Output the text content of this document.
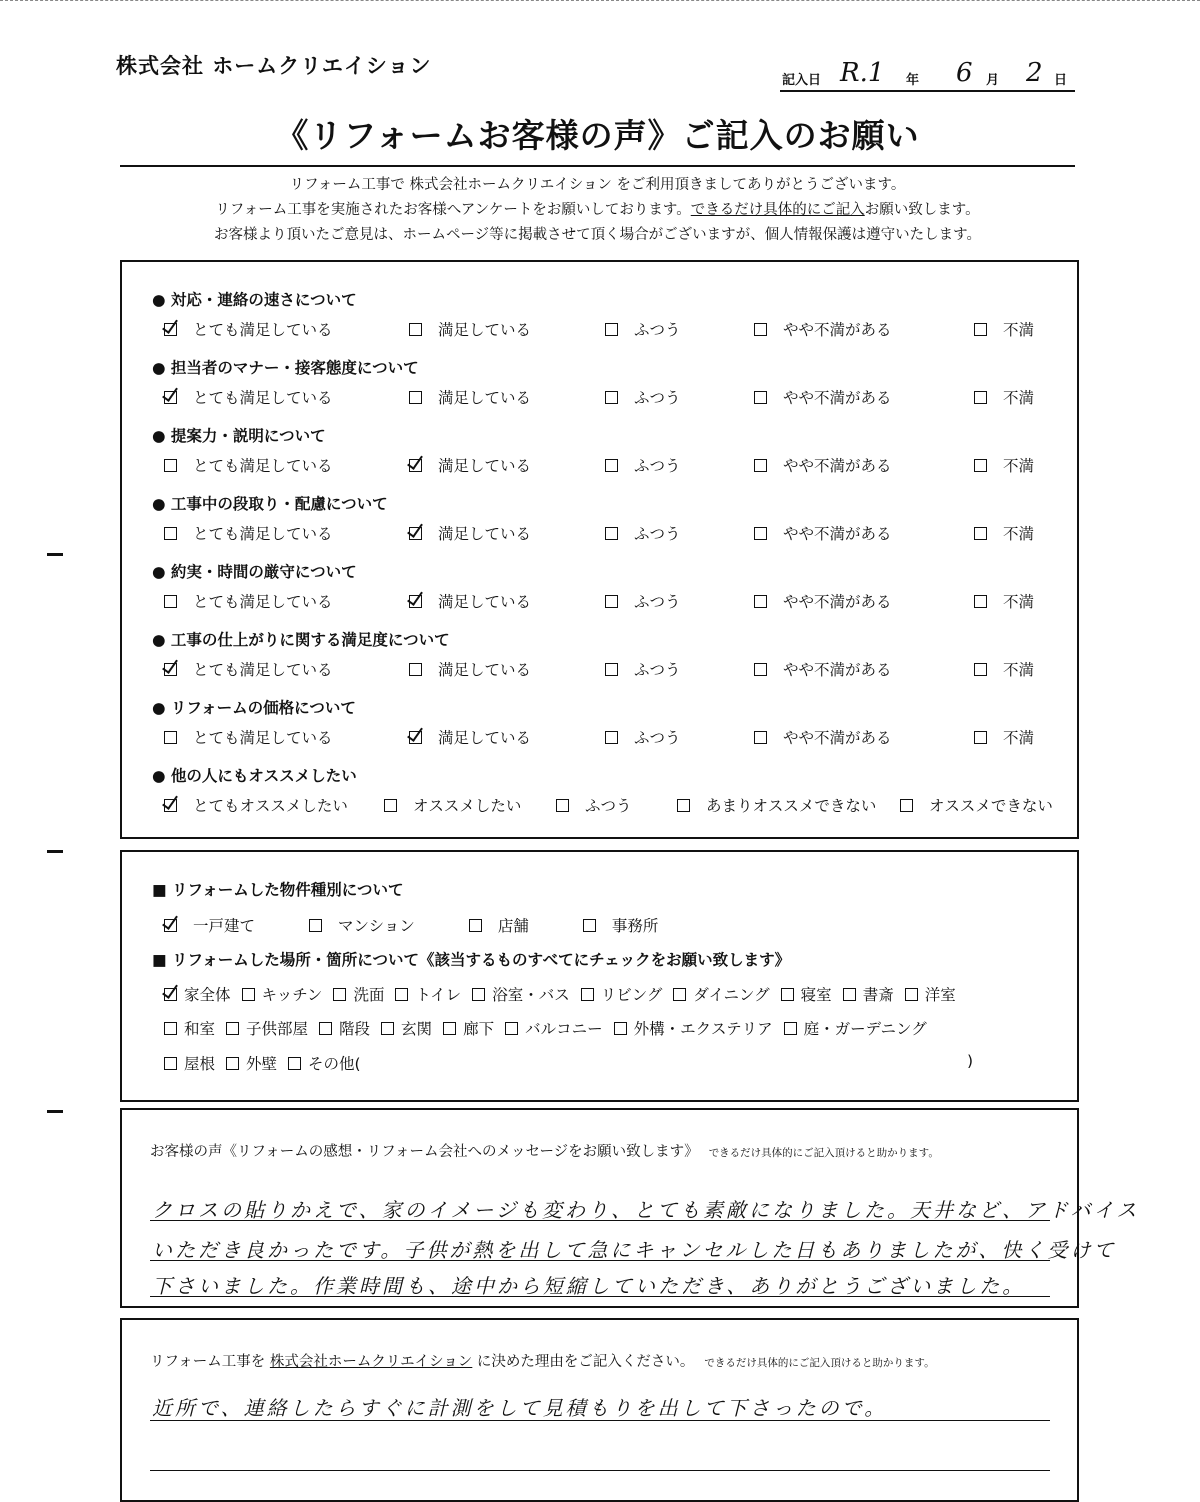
株式会社 ホームクリエイション
記入日 R.1 年 6 月 2 日
《リフォームお客様の声》ご記入のお願い
リフォーム工事で 株式会社ホームクリエイション をご利用頂きましてありがとうございます。
リフォーム工事を実施されたお客様へアンケートをお願いしております。できるだけ具体的にご記入お願い致します。
お客様より頂いたご意見は、ホームページ等に掲載させて頂く場合がございますが、個人情報保護は遵守いたします。
● 対応・連絡の速さについて
とても満足している	満足している	ふつう	やや不満がある	不満
● 担当者のマナー・接客態度について
とても満足している	満足している	ふつう	やや不満がある	不満
● 提案力・説明について
とても満足している	満足している	ふつう	やや不満がある	不満
● 工事中の段取り・配慮について
とても満足している	満足している	ふつう	やや不満がある	不満
● 約実・時間の厳守について
とても満足している	満足している	ふつう	やや不満がある	不満
● 工事の仕上がりに関する満足度について
とても満足している	満足している	ふつう	やや不満がある	不満
● リフォームの価格について
とても満足している	満足している	ふつう	やや不満がある	不満
● 他の人にもオススメしたい
とてもオススメしたい	オススメしたい	ふつう	あまりオススメできない	オススメできない
■ リフォームした物件種別について
一戸建て	マンション	店舗	事務所
■ リフォームした場所・箇所について《該当するものすべてにチェックをお願い致します》
家全体 キッチン 洗面 トイレ 浴室・バス リビング ダイニング 寝室 書斎 洋室
和室 子供部屋 階段 玄関 廊下 バルコニー 外構・エクステリア 庭・ガーデニング
屋根 外壁 その他(	)
お客様の声《リフォームの感想・リフォーム会社へのメッセージをお願い致します》 できるだけ具体的にご記入頂けると助かります。
クロスの貼りかえで、家のイメージも変わり、とても素敵になりました。天井など、アドバイス
いただき良かったです。子供が熱を出して急にキャンセルした日もありましたが、快く受けて
下さいました。作業時間も、途中から短縮していただき、ありがとうございました。
リフォーム工事を 株式会社ホームクリエイション に決めた理由をご記入ください。 できるだけ具体的にご記入頂けると助かります。
近所で、連絡したらすぐに計測をして見積もりを出して下さったので。
